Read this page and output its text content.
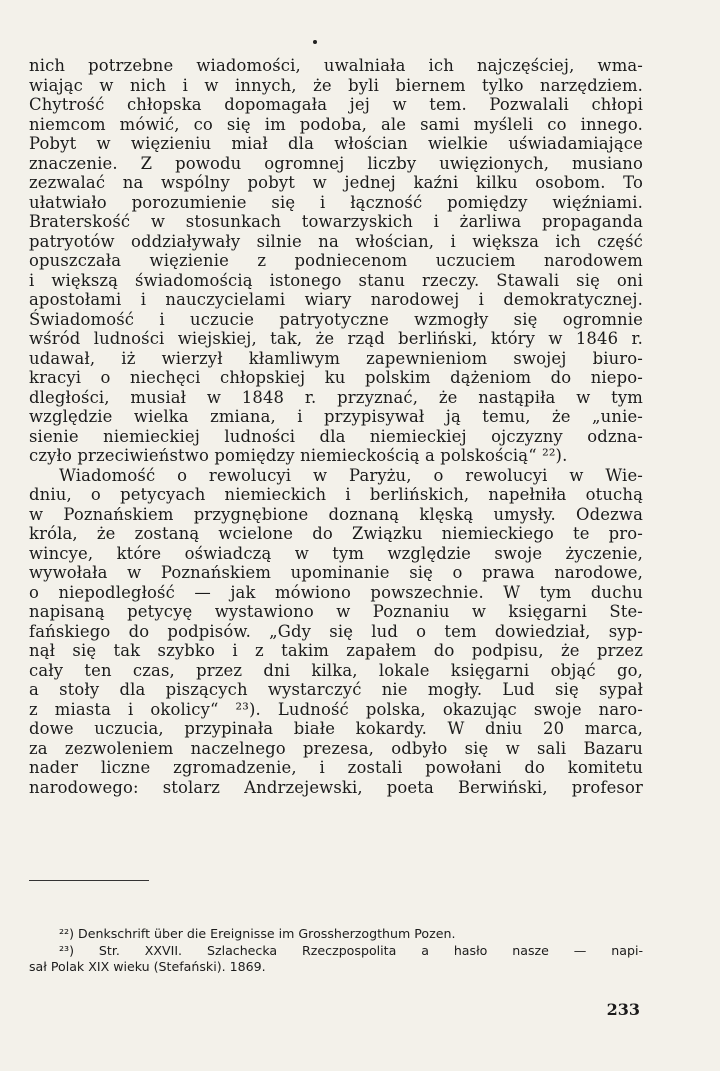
nich potrzebne wiadomości, uwalniała ich najczęściej, wma-
wiając w nich i w innych, że byli biernem tylko narzędziem.
Chytrość chłopska dopomagała jej w tem. Pozwalali chłopi
niemcom mówić, co się im podoba, ale sami myśleli co innego.
Pobyt w więzieniu miał dla włościan wielkie uświadamiające
znaczenie. Z powodu ogromnej liczby uwięzionych, musiano
zezwalać na wspólny pobyt w jednej kaźni kilku osobom. To
ułatwiało porozumienie się i łączność pomiędzy więźniami.
Braterskość w stosunkach towarzyskich i żarliwa propaganda
patryotów oddziaływały silnie na włościan, i większa ich część
opuszczała więzienie z podniecenom uczuciem narodowem
i większą świadomością istonego stanu rzeczy. Stawali się oni
apostołami i nauczycielami wiary narodowej i demokratycznej.
Świadomość i uczucie patryotyczne wzmogły się ogromnie
wśród ludności wiejskiej, tak, że rząd berliński, który w 1846 r.
udawał, iż wierzył kłamliwym zapewnieniom swojej biuro-
kracyi o niechęci chłopskiej ku polskim dążeniom do niepo-
dległości, musiał w 1848 r. przyznać, że nastąpiła w tym
względzie wielka zmiana, i przypisywał ją temu, że „unie-
sienie niemieckiej ludności dla niemieckiej ojczyzny odzna-
czyło przeciwieństwo pomiędzy niemieckością a polskością“ ²²).
Wiadomość o rewolucyi w Paryżu, o rewolucyi w Wie-
dniu, o petycyach niemieckich i berlińskich, napełniła otuchą
w Poznańskiem przygnębione doznaną klęską umysły. Odezwa
króla, że zostaną wcielone do Związku niemieckiego te pro-
wincye, które oświadczą w tym względzie swoje życzenie,
wywołała w Poznańskiem upominanie się o prawa narodowe,
o niepodległość — jak mówiono powszechnie. W tym duchu
napisaną petycyę wystawiono w Poznaniu w księgarni Ste-
fańskiego do podpisów. „Gdy się lud o tem dowiedział, syp-
nął się tak szybko i z takim zapałem do podpisu, że przez
cały ten czas, przez dni kilka, lokale księgarni objąć go,
a stoły dla piszących wystarczyć nie mogły. Lud się sypał
z miasta i okolicy“ ²³). Ludność polska, okazując swoje naro-
dowe uczucia, przypinała białe kokardy. W dniu 20 marca,
za zezwoleniem naczelnego prezesa, odbyło się w sali Bazaru
nader liczne zgromadzenie, i zostali powołani do komitetu
narodowego: stolarz Andrzejewski, poeta Berwiński, profesor
²²) Denkschrift über die Ereignisse im Grossherzogthum Pozen.
²³) Str. XXVII. Szlachecka Rzeczpospolita a hasło nasze — napi-
sał Polak XIX wieku (Stefański). 1869.
233
